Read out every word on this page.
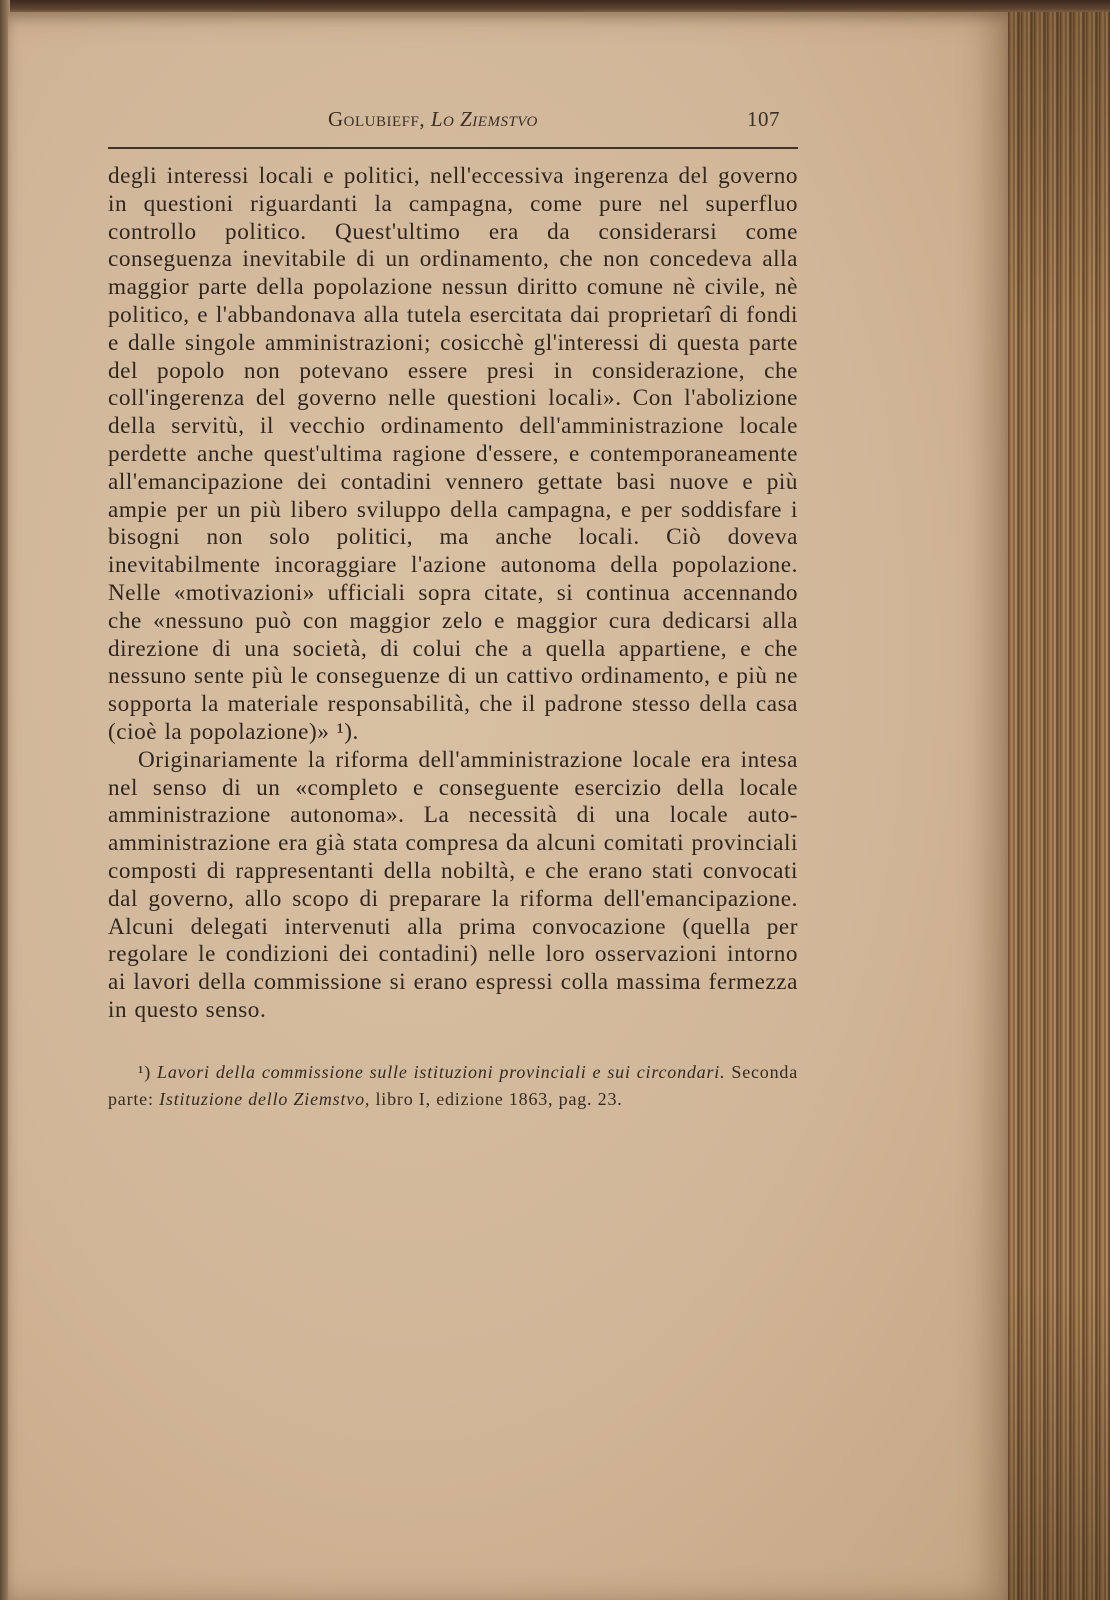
Golubieff, Lo Ziemstvo	107

degli interessi locali e politici, nell'eccessiva ingerenza del governo in questioni riguardanti la campagna, come pure nel superfluo controllo politico. Quest'ultimo era da considerarsi come conseguenza inevitabile di un ordinamento, che non concedeva alla maggior parte della popolazione nessun diritto comune nè civile, nè politico, e l'abbandonava alla tutela esercitata dai proprietarî di fondi e dalle singole amministrazioni; cosicchè gl'interessi di questa parte del popolo non potevano essere presi in considerazione, che coll'ingerenza del governo nelle questioni locali». Con l'abolizione della servitù, il vecchio ordinamento dell'amministrazione locale perdette anche quest'ultima ragione d'essere, e contemporaneamente all'emancipazione dei contadini vennero gettate basi nuove e più ampie per un più libero sviluppo della campagna, e per soddisfare i bisogni non solo politici, ma anche locali. Ciò doveva inevitabilmente incoraggiare l'azione autonoma della popolazione. Nelle «motivazioni» ufficiali sopra citate, si continua accennando che «nessuno può con maggior zelo e maggior cura dedicarsi alla direzione di una società, di colui che a quella appartiene, e che nessuno sente più le conseguenze di un cattivo ordinamento, e più ne sopporta la materiale responsabilità, che il padrone stesso della casa (cioè la popolazione)» ¹).

Originariamente la riforma dell'amministrazione locale era intesa nel senso di un «completo e conseguente esercizio della locale amministrazione autonoma». La necessità di una locale auto-amministrazione era già stata compresa da alcuni comitati provinciali composti di rappresentanti della nobiltà, e che erano stati convocati dal governo, allo scopo di preparare la riforma dell'emancipazione. Alcuni delegati intervenuti alla prima convocazione (quella per regolare le condizioni dei contadini) nelle loro osservazioni intorno ai lavori della commissione si erano espressi colla massima fermezza in questo senso.

¹) Lavori della commissione sulle istituzioni provinciali e sui circondari. Seconda parte: Istituzione dello Ziemstvo, libro I, edizione 1863, pag. 23.
